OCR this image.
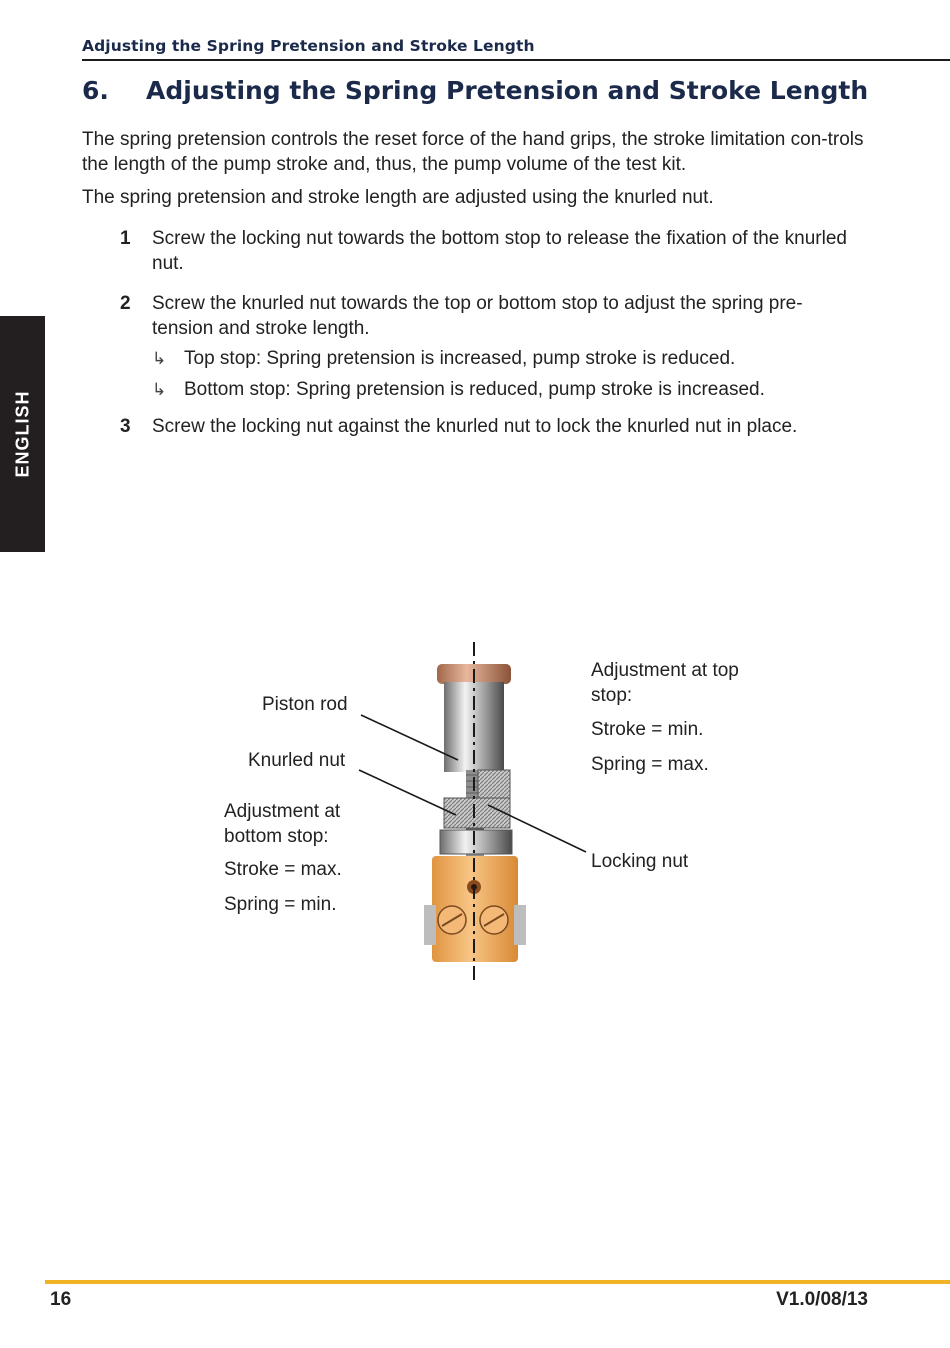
Adjusting the Spring Pretension and Stroke Length
6. Adjusting the Spring Pretension and Stroke Length
The spring pretension controls the reset force of the hand grips, the stroke limitation con-trols the length of the pump stroke and, thus, the pump volume of the test kit.
The spring pretension and stroke length are adjusted using the knurled nut.
1 Screw the locking nut towards the bottom stop to release the fixation of the knurled nut.
2 Screw the knurled nut towards the top or bottom stop to adjust the spring pre-tension and stroke length.
↳ Top stop: Spring pretension is increased, pump stroke is reduced.
↳ Bottom stop: Spring pretension is reduced, pump stroke is increased.
3 Screw the locking nut against the knurled nut to lock the knurled nut in place.
ENGLISH
Piston rod
Knurled nut
Adjustment at bottom stop:
Stroke = max.
Spring = min.
Adjustment at top stop:
Stroke = min.
Spring = max.
Locking nut
16	V1.0/08/13
